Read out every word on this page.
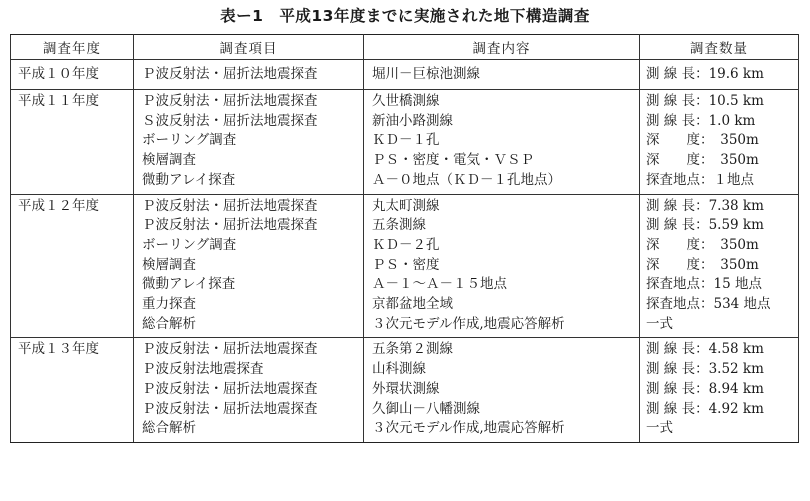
表ー1　平成13年度までに実施された地下構造調査
調査年度	調査項目	調査内容	調査数量
平成１０年度	Ｐ波反射法・屈折法地震探査	堀川－巨椋池測線	測 線 長：19.6 km
平成１１年度	Ｐ波反射法・屈折法地震探査	久世橋測線	測 線 長：10.5 km
	Ｓ波反射法・屈折法地震探査	新油小路測線	測 線 長：1.0 km
	ボーリング調査	ＫＤ－１孔	深　　度：　350m
	検層調査	ＰＳ・密度・電気・ＶＳＰ	深　　度：　350m
	微動アレイ探査	Ａ－０地点（ＫＤ－１孔地点）	探査地点：１地点
平成１２年度	Ｐ波反射法・屈折法地震探査	丸太町測線	測 線 長：7.38 km
	Ｐ波反射法・屈折法地震探査	五条測線	測 線 長：5.59 km
	ボーリング調査	ＫＤ－２孔	深　　度：　350m
	検層調査	ＰＳ・密度	深　　度：　350m
	微動アレイ探査	Ａ－１～Ａ－１５地点	探査地点：15 地点
	重力探査	京都盆地全域	探査地点：534 地点
	総合解析	３次元モデル作成,地震応答解析	一式
平成１３年度	Ｐ波反射法・屈折法地震探査	五条第２測線	測 線 長：4.58 km
	Ｐ波反射法地震探査	山科測線	測 線 長：3.52 km
	Ｐ波反射法・屈折法地震探査	外環状測線	測 線 長：8.94 km
	Ｐ波反射法・屈折法地震探査	久御山－八幡測線	測 線 長：4.92 km
	総合解析	３次元モデル作成,地震応答解析	一式
